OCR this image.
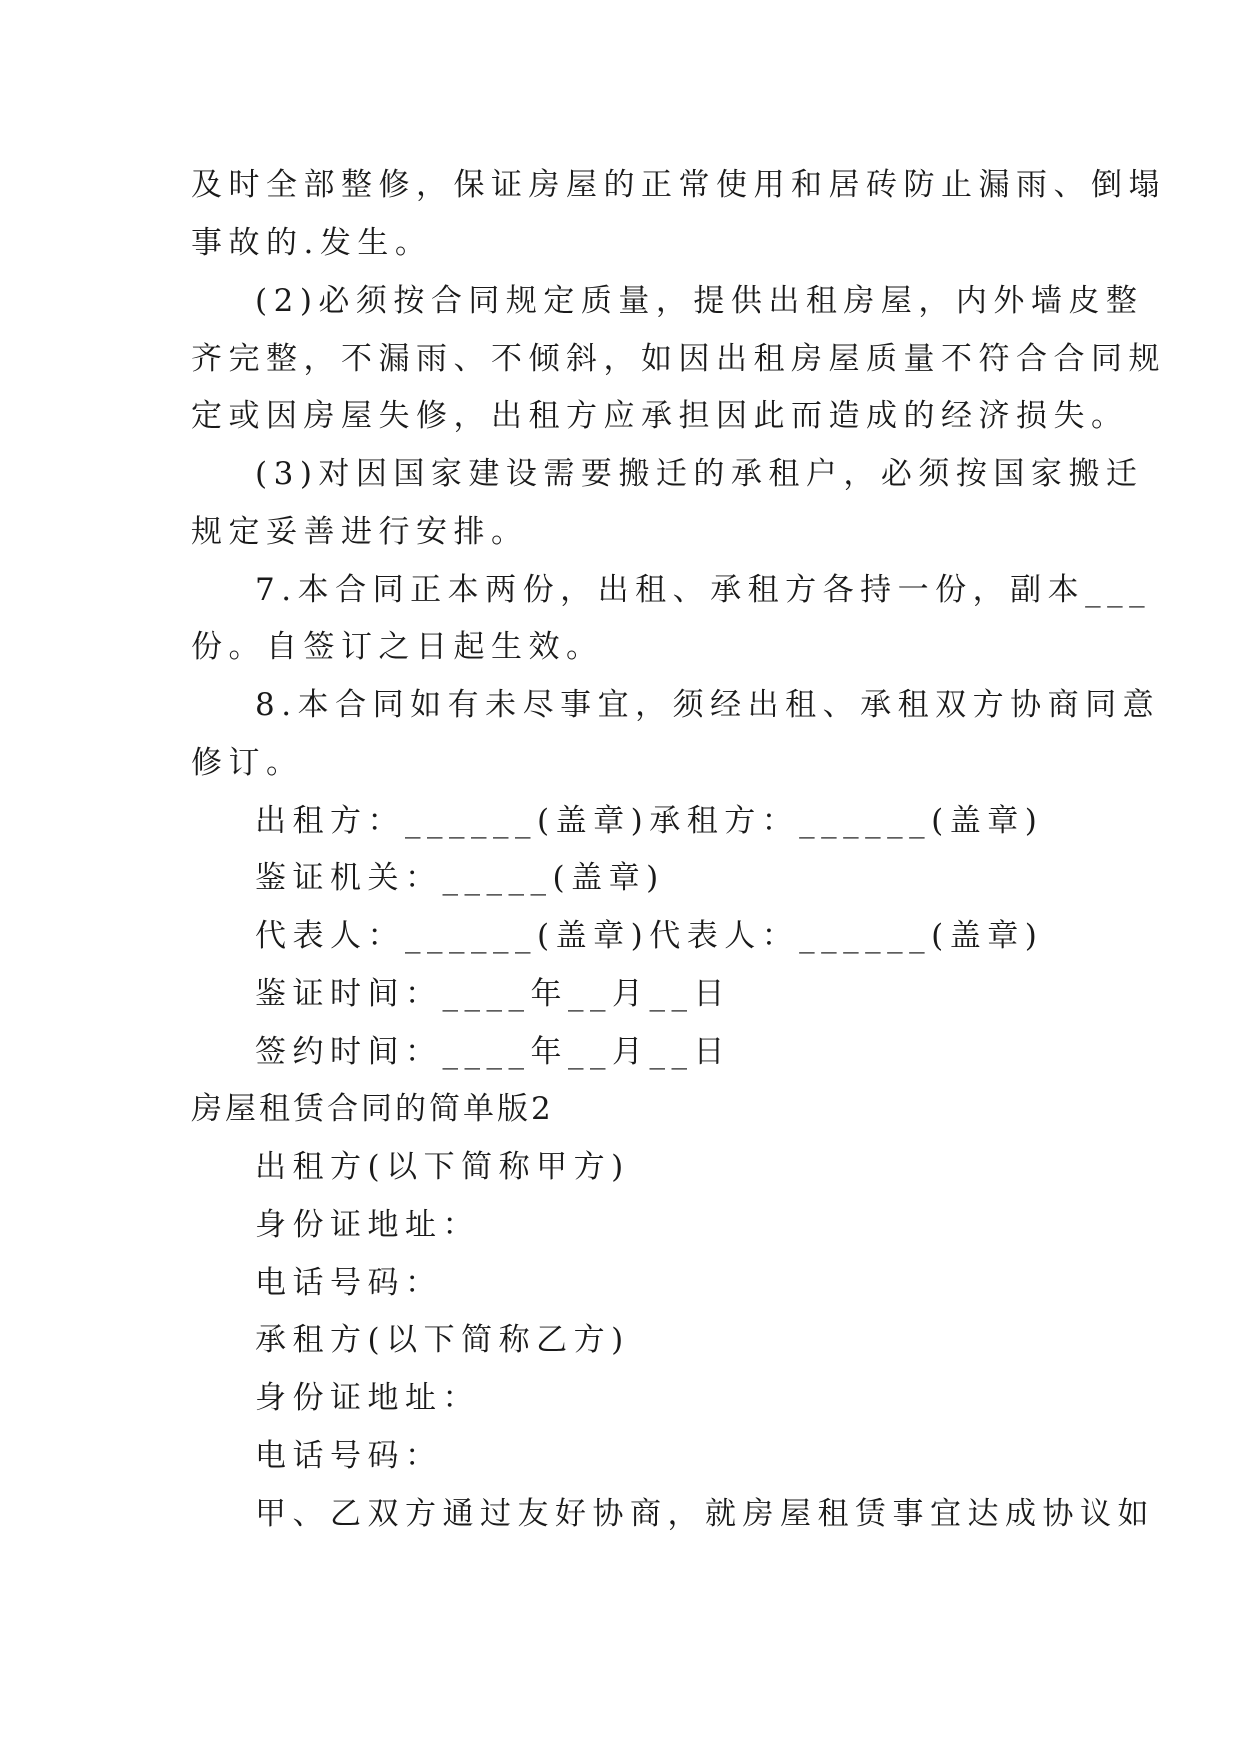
及时全部整修，保证房屋的正常使用和居砖防止漏雨、倒塌
事故的.发生。
(2)必须按合同规定质量，提供出租房屋，内外墙皮整
齐完整，不漏雨、不倾斜，如因出租房屋质量不符合合同规
定或因房屋失修，出租方应承担因此而造成的经济损失。
(3)对因国家建设需要搬迁的承租户，必须按国家搬迁
规定妥善进行安排。
7.本合同正本两份，出租、承租方各持一份，副本___
份。自签订之日起生效。
8.本合同如有未尽事宜，须经出租、承租双方协商同意
修订。
出租方：______(盖章)承租方：______(盖章)
鉴证机关：_____(盖章)
代表人：______(盖章)代表人：______(盖章)
鉴证时间：____年__月__日
签约时间：____年__月__日
房屋租赁合同的简单版2
出租方(以下简称甲方)
身份证地址：
电话号码：
承租方(以下简称乙方)
身份证地址：
电话号码：
甲、乙双方通过友好协商，就房屋租赁事宜达成协议如
